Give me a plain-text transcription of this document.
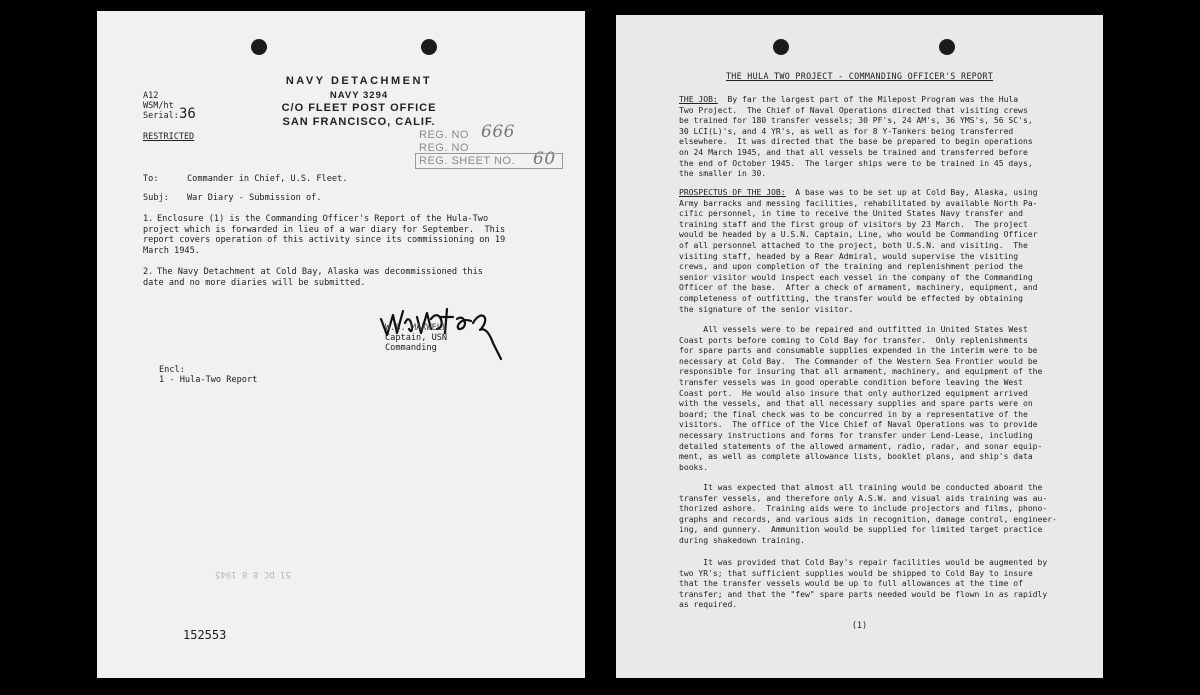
NAVY DETACHMENT
NAVY 3294
C/O FLEET POST OFFICE
SAN FRANCISCO, CALIF.
A12
WSM/ht
Serial: 36
RESTRICTED	REG. NO 666
REG. NO
REG. SHEET NO. 60
To:	Commander in Chief, U.S. Fleet.
Subj: War Diary - Submission of.
1. Enclosure (1) is the Commanding Officer's Report of the Hula-Two
project which is forwarded in lieu of a war diary for September.  This
report covers operation of this activity since its commissioning on 19
March 1945.
2. The Navy Detachment at Cold Bay, Alaska was decommissioned this
date and no more diaries will be submitted.
W.S. MAXWELL
Captain, USN
Commanding
Encl:
1 - Hula-Two Report
51 DC 8 8 1945
152553
THE HULA TWO PROJECT - COMMANDING OFFICER'S REPORT
THE JOB: By far the largest part of the Milepost Program was the Hula
Two Project.  The Chief of Naval Operations directed that visiting crews
be trained for 180 transfer vessels; 30 PF's, 24 AM's, 36 YMS's, 56 SC's,
30 LCI(L)'s, and 4 YR's, as well as for 8 Y-Tankers being transferred
elsewhere.  It was directed that the base be prepared to begin operations
on 24 March 1945, and that all vessels be trained and transferred before
the end of October 1945.  The larger ships were to be trained in 45 days,
the smaller in 30.
PROSPECTUS OF THE JOB: A base was to be set up at Cold Bay, Alaska, using
Army barracks and messing facilities, rehabilitated by available North Pa-
cific personnel, in time to receive the United States Navy transfer and
training staff and the first group of visitors by 23 March.  The project
would be headed by a U.S.N. Captain, Line, who would be Commanding Officer
of all personnel attached to the project, both U.S.N. and visiting.  The
visiting staff, headed by a Rear Admiral, would supervise the visiting
crews, and upon completion of the training and replenishment period the
senior visitor would inspect each vessel in the company of the Commanding
Officer of the base.  After a check of armament, machinery, equipment, and
completeness of outfitting, the transfer would be effected by obtaining
the signature of the senior visitor.
All vessels were to be repaired and outfitted in United States West
Coast ports before coming to Cold Bay for transfer.  Only replenishments
for spare parts and consumable supplies expended in the interim were to be
necessary at Cold Bay.  The Commander of the Western Sea Frontier would be
responsible for insuring that all armament, machinery, and equipment of the
transfer vessels was in good operable condition before leaving the West
Coast port.  He would also insure that only authorized equipment arrived
with the vessels, and that all necessary supplies and spare parts were on
board; the final check was to be concurred in by a representative of the
visitors.  The office of the Vice Chief of Naval Operations was to provide
necessary instructions and forms for transfer under Lend-Lease, including
detailed statements of the allowed armament, radio, radar, and sonar equip-
ment, as well as complete allowance lists, booklet plans, and ship's data
books.
It was expected that almost all training would be conducted aboard the
transfer vessels, and therefore only A.S.W. and visual aids training was au-
thorized ashore.  Training aids were to include projectors and films, phono-
graphs and records, and various aids in recognition, damage control, engineer-
ing, and gunnery.  Ammunition would be supplied for limited target practice
during shakedown training.
It was provided that Cold Bay's repair facilities would be augmented by
two YR's; that sufficient supplies would be shipped to Cold Bay to insure
that the transfer vessels would be up to full allowances at the time of
transfer; and that the "few" spare parts needed would be flown in as rapidly
as required.
(1)
